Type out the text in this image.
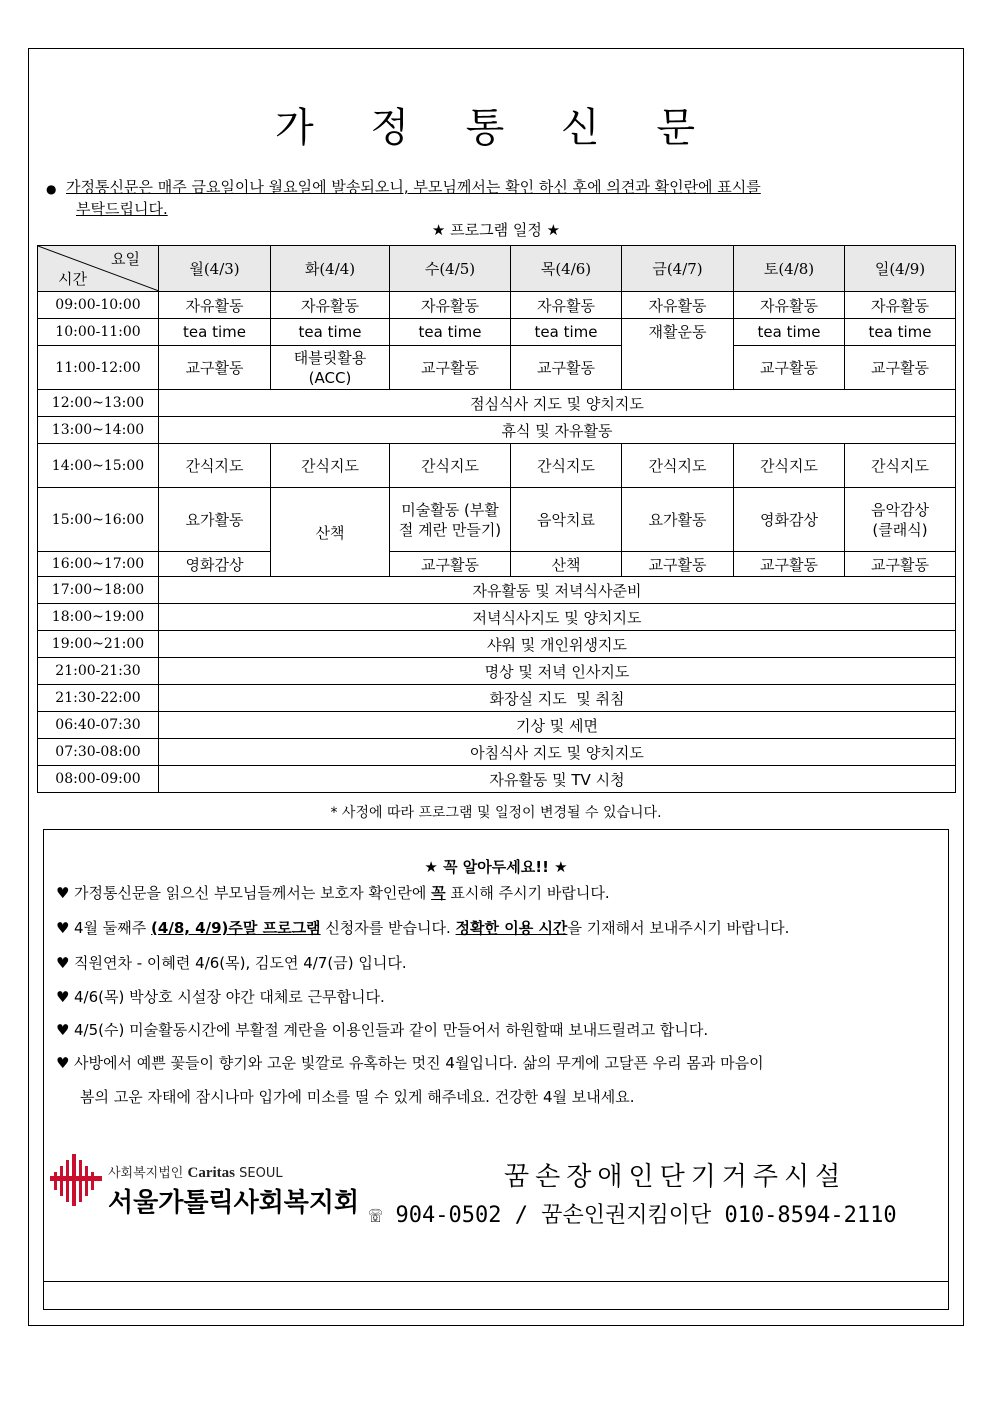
가 정 통 신 문
● 가정통신문은 매주 금요일이나 월요일에 발송되오니, 부모님께서는 확인 하신 후에 의견과 확인란에 표시를
부탁드립니다.
★ 프로그램 일정 ★
요일
시간	월(4/3)	화(4/4)	수(4/5)	목(4/6)	금(4/7)	토(4/8)	일(4/9)
09:00-10:00	자유활동	자유활동	자유활동	자유활동	자유활동	자유활동	자유활동
10:00-11:00	tea time	tea time	tea time	tea time	재활운동	tea time	tea time
11:00-12:00	교구활동	태블릿활용 (ACC)	교구활동	교구활동		교구활동	교구활동
12:00~13:00	점심식사 지도 및 양치지도						
13:00~14:00	휴식 및 자유활동						
14:00~15:00	간식지도	간식지도	간식지도	간식지도	간식지도	간식지도	간식지도
15:00~16:00	요가활동	산책	미술활동 (부활절 계란 만들기)	음악치료	요가활동	영화감상	음악감상 (클래식)
16:00~17:00	영화감상		교구활동	산책	교구활동	교구활동	교구활동
17:00~18:00	자유활동 및 저녁식사준비						
18:00~19:00	저녁식사지도 및 양치지도						
19:00~21:00	샤워 및 개인위생지도						
21:00-21:30	명상 및 저녁 인사지도						
21:30-22:00	화장실 지도  및 취침						
06:40-07:30	기상 및 세면						
07:30-08:00	아침식사 지도 및 양치지도						
08:00-09:00	자유활동 및 TV 시청						
* 사정에 따라 프로그램 및 일정이 변경될 수 있습니다.
★ 꼭 알아두세요!! ★
♥ 가정통신문을 읽으신 부모님들께서는 보호자 확인란에 꼭 표시해 주시기 바랍니다.
♥ 4월 둘째주 (4/8, 4/9)주말 프로그램 신청자를 받습니다. 정확한 이용 시간을 기재해서 보내주시기 바랍니다.
♥ 직원연차 - 이혜련 4/6(목), 김도연 4/7(금) 입니다.
♥ 4/6(목) 박상호 시설장 야간 대체로 근무합니다.
♥ 4/5(수) 미술활동시간에 부활절 계란을 이용인들과 같이 만들어서 하원할때 보내드릴려고 합니다.
♥ 사방에서 예쁜 꽃들이 향기와 고운 빛깔로 유혹하는 멋진 4월입니다. 삶의 무게에 고달픈 우리 몸과 마음이
봄의 고운 자태에 잠시나마 입가에 미소를 띨 수 있게 해주네요. 건강한 4월 보내세요.
사회복지법인 Caritas SEOUL
서울가톨릭사회복지회
꿈손장애인단기거주시설
☏ 904-0502 / 꿈손인권지킴이단 010-8594-2110
